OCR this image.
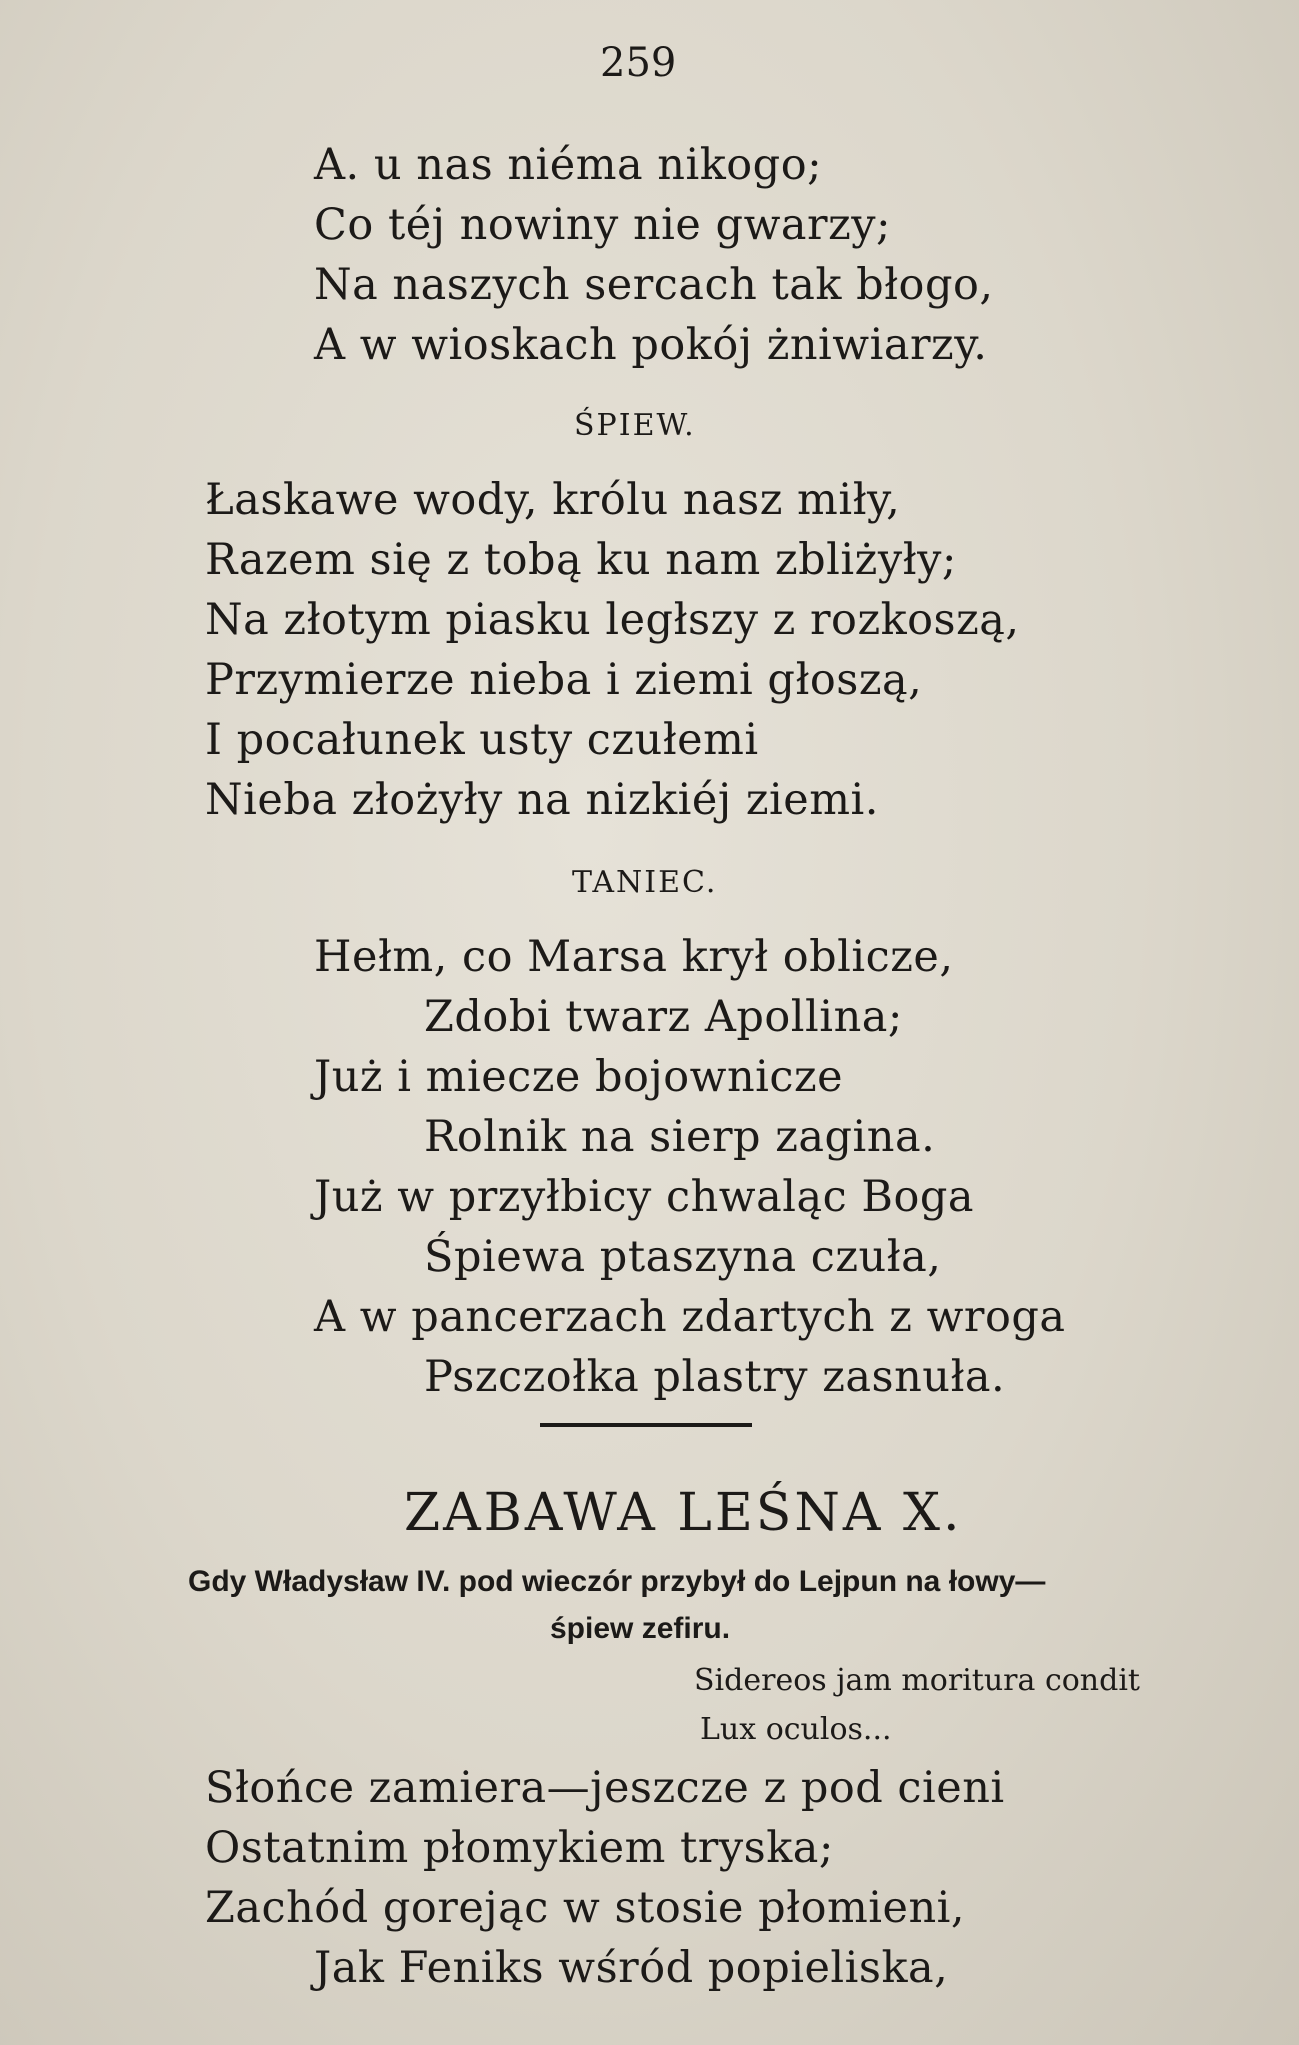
259
A. u nas niéma nikogo;
Co téj nowiny nie gwarzy;
Na naszych sercach tak błogo,
A w wioskach pokój żniwiarzy.
ŚPIEW.
Łaskawe wody, królu nasz miły,
Razem się z tobą ku nam zbliżyły;
Na złotym piasku ległszy z rozkoszą,
Przymierze nieba i ziemi głoszą,
I pocałunek usty czułemi
Nieba złożyły na nizkiéj ziemi.
TANIEC.
Hełm, co Marsa krył oblicze,
Zdobi twarz Apollina;
Już i miecze bojownicze
Rolnik na sierp zagina.
Już w przyłbicy chwaląc Boga
Śpiewa ptaszyna czuła,
A w pancerzach zdartych z wroga
Pszczołka plastry zasnuła.
ZABAWA LEŚNA X.
Gdy Władysław IV. pod wieczór przybył do Lejpun na łowy—
śpiew zefiru.
Sidereos jam moritura condit
Lux oculos...
Słońce zamiera—jeszcze z pod cieni
Ostatnim płomykiem tryska;
Zachód gorejąc w stosie płomieni,
Jak Feniks wśród popieliska,
